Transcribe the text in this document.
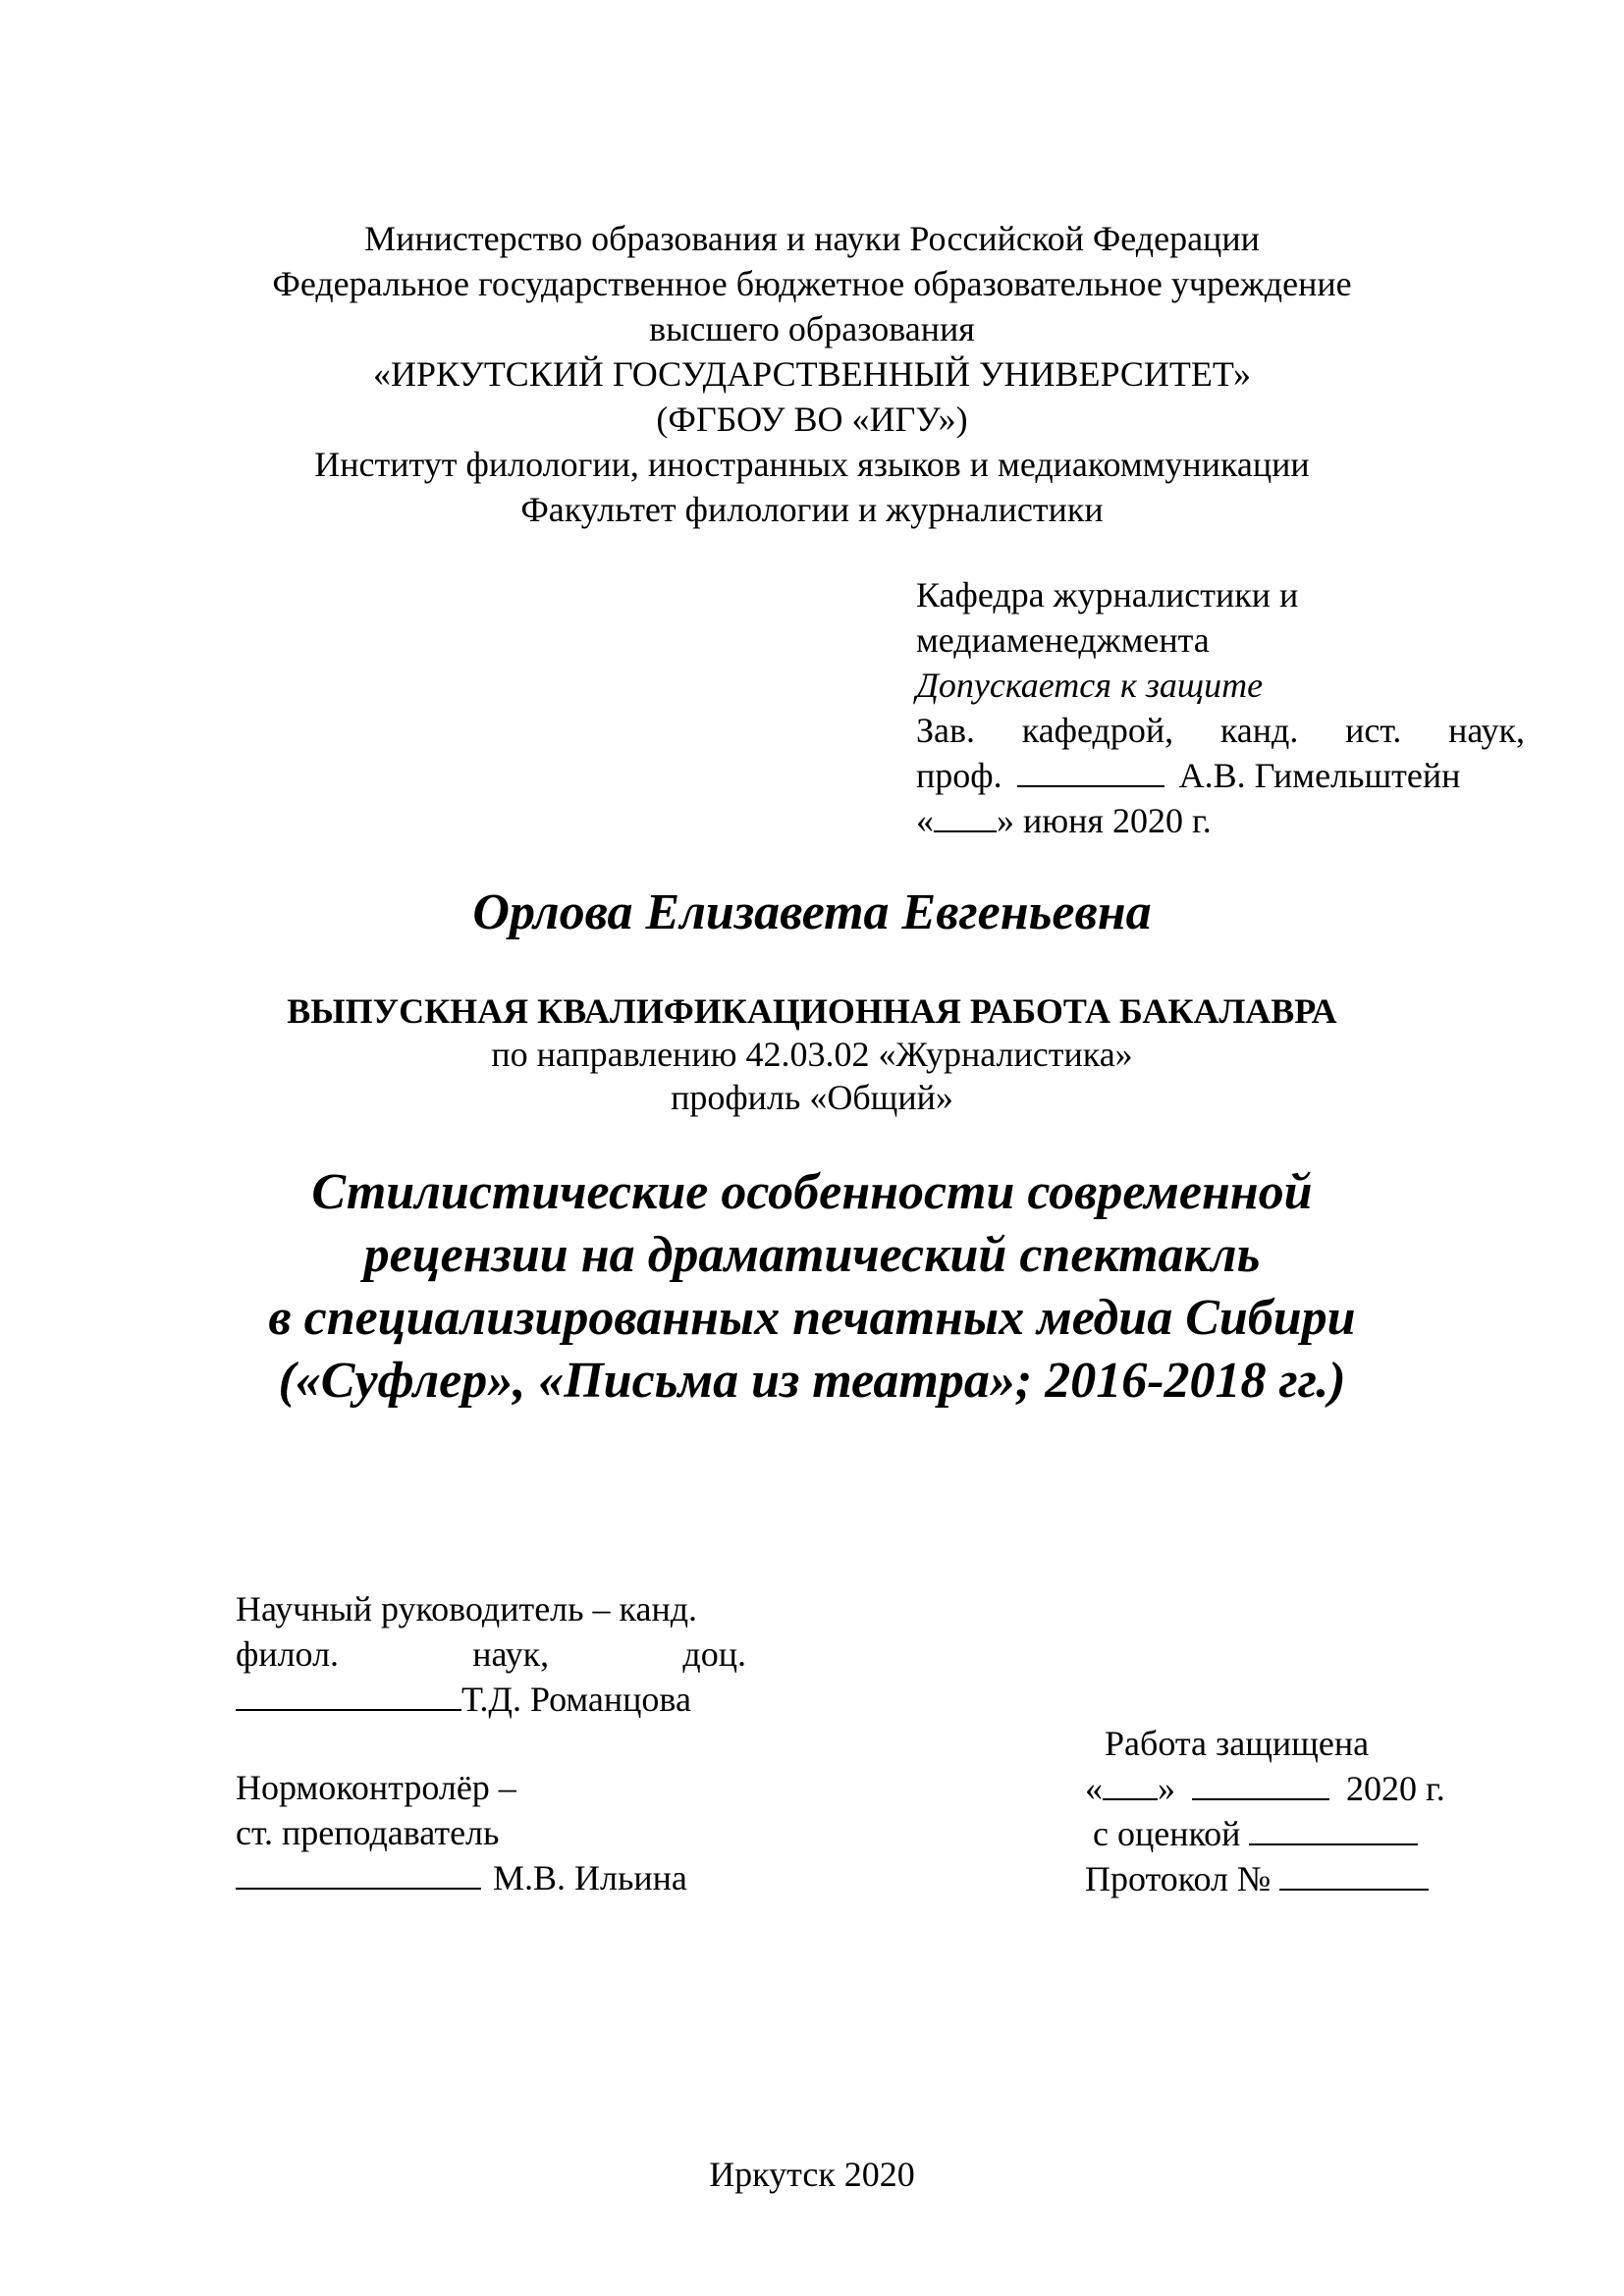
Министерство образования и науки Российской Федерации
Федеральное государственное бюджетное образовательное учреждение
высшего образования
«ИРКУТСКИЙ ГОСУДАРСТВЕННЫЙ УНИВЕРСИТЕТ»
(ФГБОУ ВО «ИГУ»)
Институт филологии, иностранных языков и медиакоммуникации
Факультет филологии и журналистики
Кафедра журналистики и
медиаменеджмента
Допускается к защите
Зав. кафедрой, канд. ист. наук,
проф.	А.В. Гимельштейн
« » июня 2020 г.
Орлова Елизавета Евгеньевна
ВЫПУСКНАЯ КВАЛИФИКАЦИОННАЯ РАБОТА БАКАЛАВРА
по направлению 42.03.02 «Журналистика»
профиль «Общий»
Стилистические особенности современной
рецензии на драматический спектакль
в специализированных печатных медиа Сибири
(«Суфлер», «Письма из театра»; 2016-2018 гг.)
Научный руководитель – канд.
филол.	наук,	доц.
Т.Д. Романцова
Нормоконтролёр –
ст. преподаватель
М.В. Ильина
Работа защищена
« »	2020 г.
с оценкой
Протокол №
Иркутск 2020
